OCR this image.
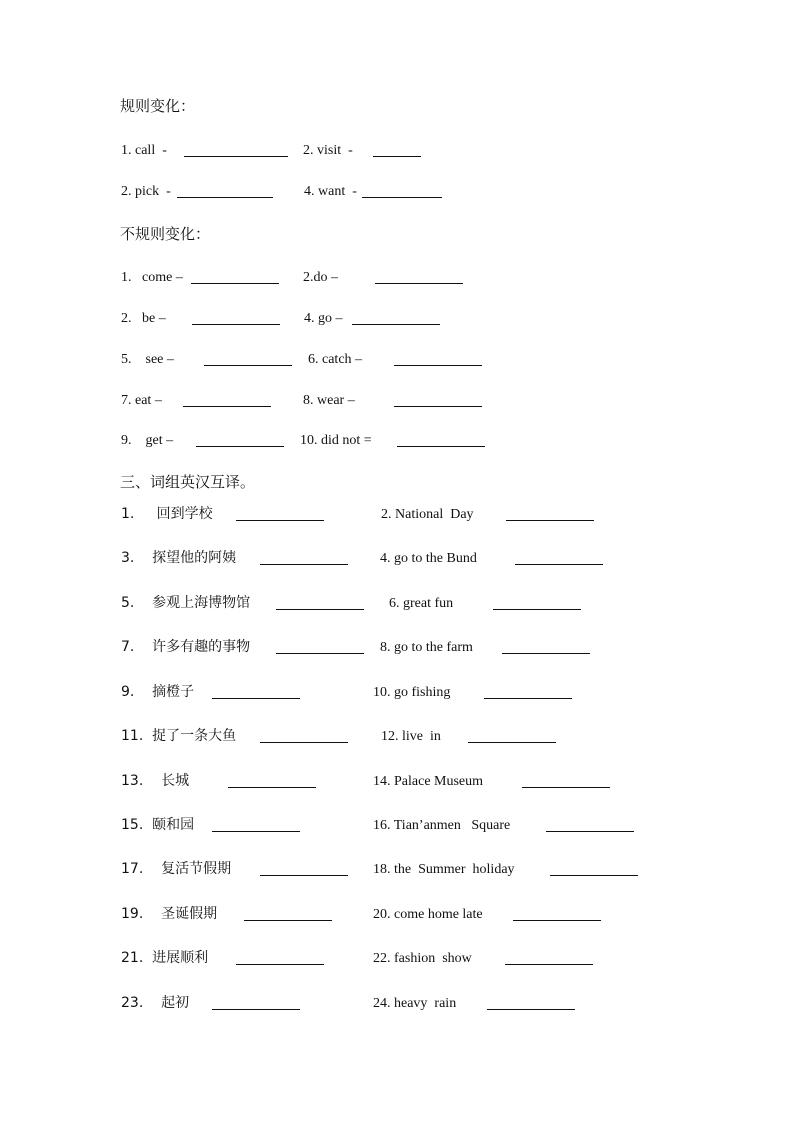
规则变化：
1. call  -	2. visit  -
2. pick  -	4. want  -
不规则变化：
1.   come –	2.do –
2.   be –	4. go –
5.    see –	6. catch –
7. eat –	8. wear –
9.    get –	10. did not =
三、词组英汉互译。
1.     回到学校	2. National  Day
3.    探望他的阿姨	4. go to the Bund
5.    参观上海博物馆	6. great fun
7.    许多有趣的事物	8. go to the farm
9.    摘橙子	10. go fishing
11.  捉了一条大鱼	12. live  in
13.    长城	14. Palace Museum
15.  颐和园	16. Tian’anmen   Square
17.    复活节假期	18. the  Summer  holiday
19.    圣诞假期	20. come home late
21.  进展顺利	22. fashion  show
23.    起初	24. heavy  rain
